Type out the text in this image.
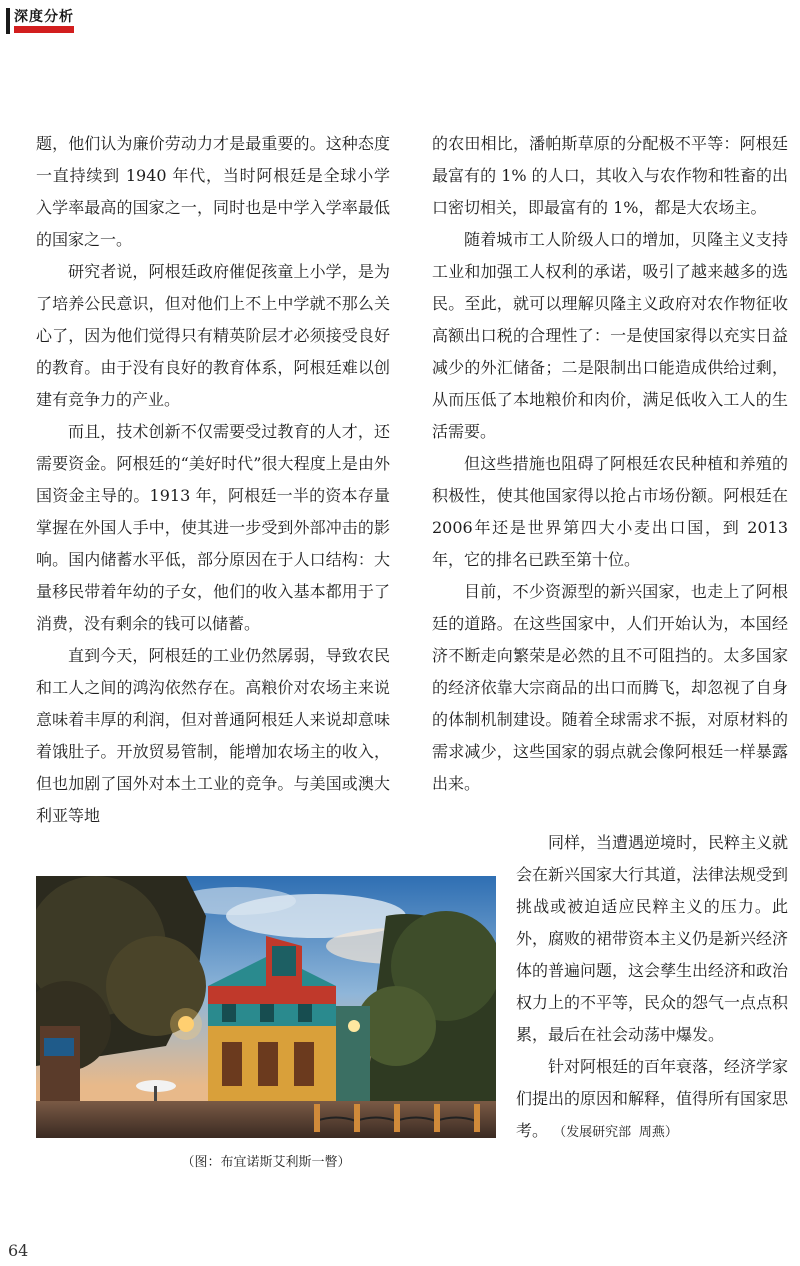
深度分析

题，他们认为廉价劳动力才是最重要的。这种态度一直持续到 1940 年代，当时阿根廷是全球小学入学率最高的国家之一，同时也是中学入学率最低的国家之一。

研究者说，阿根廷政府催促孩童上小学，是为了培养公民意识，但对他们上不上中学就不那么关心了，因为他们觉得只有精英阶层才必须接受良好的教育。由于没有良好的教育体系，阿根廷难以创建有竞争力的产业。

而且，技术创新不仅需要受过教育的人才，还需要资金。阿根廷的“美好时代”很大程度上是由外国资金主导的。1913 年，阿根廷一半的资本存量掌握在外国人手中，使其进一步受到外部冲击的影响。国内储蓄水平低，部分原因在于人口结构：大量移民带着年幼的子女，他们的收入基本都用于了消费，没有剩余的钱可以储蓄。

直到今天，阿根廷的工业仍然孱弱，导致农民和工人之间的鸿沟依然存在。高粮价对农场主来说意味着丰厚的利润，但对普通阿根廷人来说却意味着饿肚子。开放贸易管制，能增加农场主的收入，但也加剧了国外对本土工业的竞争。与美国或澳大利亚等地

的农田相比，潘帕斯草原的分配极不平等：阿根廷最富有的 1% 的人口，其收入与农作物和牲畜的出口密切相关，即最富有的 1%，都是大农场主。

随着城市工人阶级人口的增加，贝隆主义支持工业和加强工人权利的承诺，吸引了越来越多的选民。至此，就可以理解贝隆主义政府对农作物征收高额出口税的合理性了：一是使国家得以充实日益减少的外汇储备；二是限制出口能造成供给过剩，从而压低了本地粮价和肉价，满足低收入工人的生活需要。

但这些措施也阻碍了阿根廷农民种植和养殖的积极性，使其他国家得以抢占市场份额。阿根廷在2006年还是世界第四大小麦出口国，到 2013 年，它的排名已跌至第十位。

目前，不少资源型的新兴国家，也走上了阿根廷的道路。在这些国家中，人们开始认为，本国经济不断走向繁荣是必然的且不可阻挡的。太多国家的经济依靠大宗商品的出口而腾飞，却忽视了自身的体制机制建设。随着全球需求不振，对原材料的需求减少，这些国家的弱点就会像阿根廷一样暴露出来。

同样，当遭遇逆境时，民粹主义就会在新兴国家大行其道，法律法规受到挑战或被迫适应民粹主义的压力。此外，腐败的裙带资本主义仍是新兴经济体的普遍问题，这会孳生出经济和政治权力上的不平等，民众的怨气一点点积累，最后在社会动荡中爆发。

针对阿根廷的百年衰落，经济学家们提出的原因和解释，值得所有国家思考。 （发展研究部 周燕）

（图：布宜诺斯艾利斯一瞥）
64
